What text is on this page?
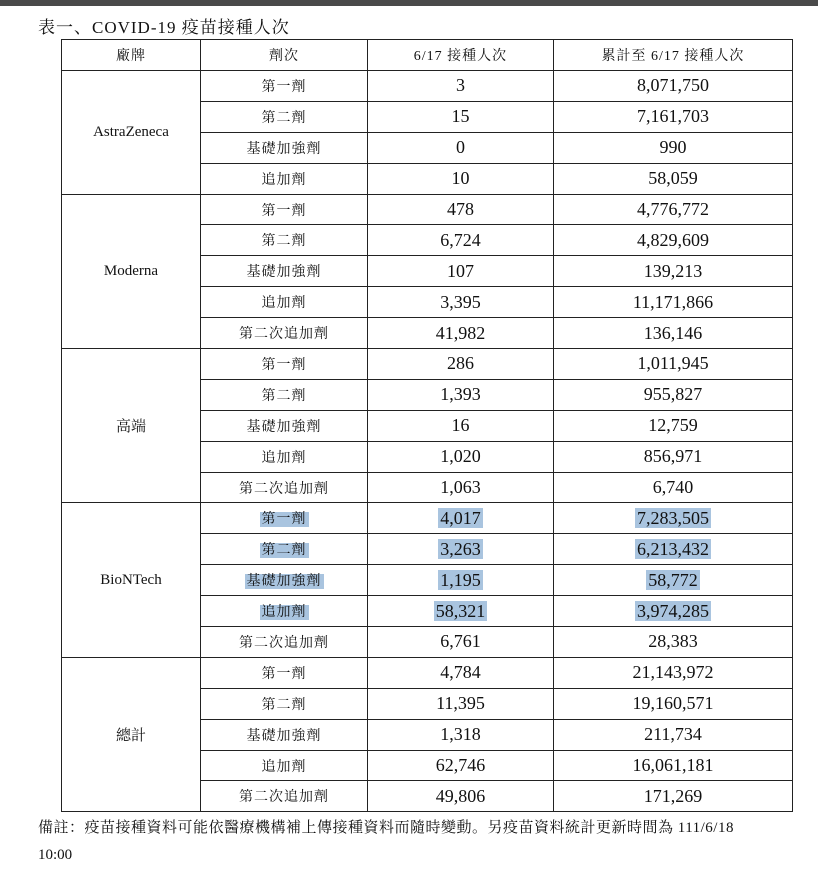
表一、COVID-19 疫苗接種人次
廠牌	劑次	6/17 接種人次	累計至 6/17 接種人次
AstraZeneca	第一劑	3	8,071,750
	第二劑	15	7,161,703
	基礎加強劑	0	990
	追加劑	10	58,059
Moderna	第一劑	478	4,776,772
	第二劑	6,724	4,829,609
	基礎加強劑	107	139,213
	追加劑	3,395	11,171,866
	第二次追加劑	41,982	136,146
高端	第一劑	286	1,011,945
	第二劑	1,393	955,827
	基礎加強劑	16	12,759
	追加劑	1,020	856,971
	第二次追加劑	1,063	6,740
BioNTech	第一劑	4,017	7,283,505
	第二劑	3,263	6,213,432
	基礎加強劑	1,195	58,772
	追加劑	58,321	3,974,285
	第二次追加劑	6,761	28,383
總計	第一劑	4,784	21,143,972
	第二劑	11,395	19,160,571
	基礎加強劑	1,318	211,734
	追加劑	62,746	16,061,181
	第二次追加劑	49,806	171,269
備註：疫苗接種資料可能依醫療機構補上傳接種資料而隨時變動。另疫苗資料統計更新時間為 111/6/18
10:00
